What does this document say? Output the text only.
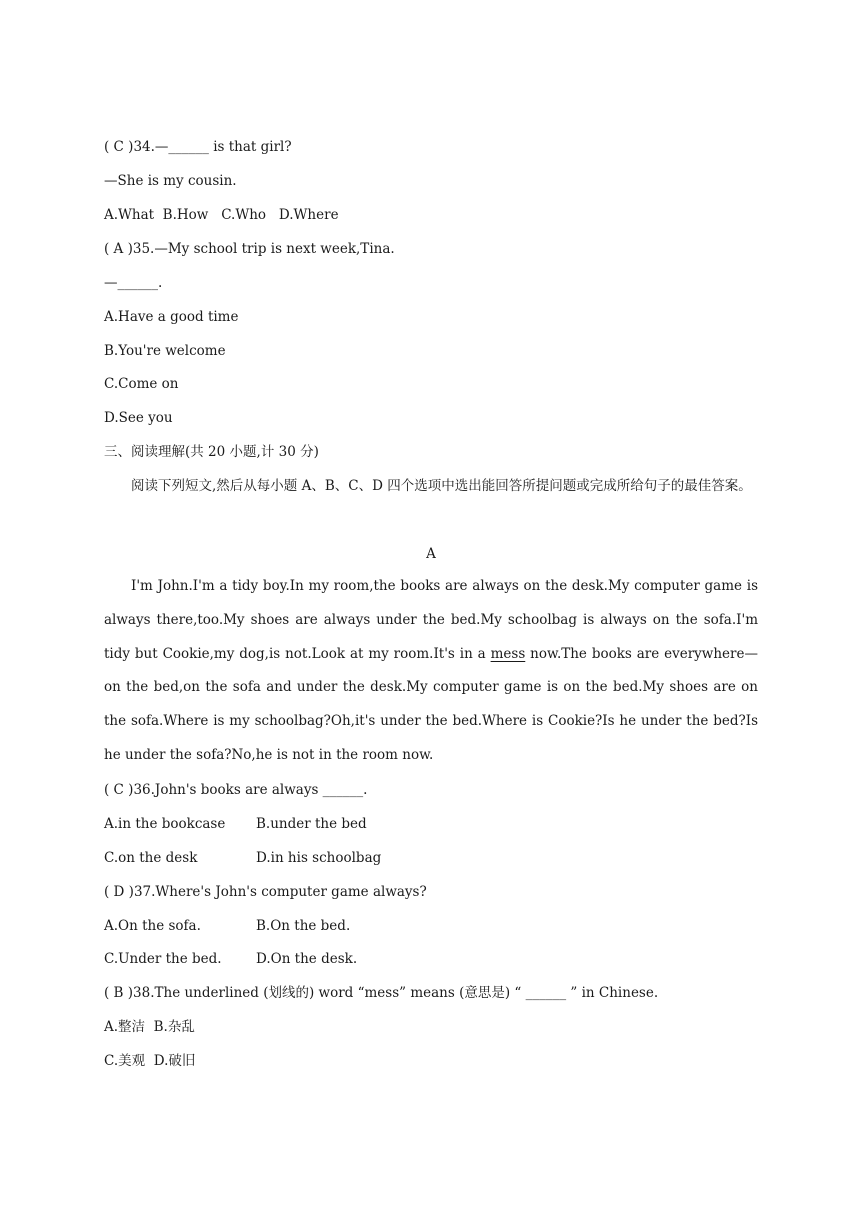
( C )34.—______ is that girl?
—She is my cousin.
A.What  B.How   C.Who   D.Where
( A )35.—My school trip is next week,Tina.
—______.
A.Have a good time
B.You're welcome
C.Come on
D.See you
三、阅读理解(共 20 小题,计 30 分)
阅读下列短文,然后从每小题 A、B、C、D 四个选项中选出能回答所提问题或完成所给句子的最佳答案。
A
I'm John.I'm a tidy boy.In my room,the books are always on the desk.My computer game is always there,too.My shoes are always under the bed.My schoolbag is always on the sofa.I'm tidy but Cookie,my dog,is not.Look at my room.It's in a mess now.The books are everywhere—on the bed,on the sofa and under the desk.My computer game is on the bed.My shoes are on the sofa.Where is my schoolbag?Oh,it's under the bed.Where is Cookie?Is he under the bed?Is he under the sofa?No,he is not in the room now.
( C )36.John's books are always ______.
A.in the bookcase B.under the bed
C.on the desk	D.in his schoolbag
( D )37.Where's John's computer game always?
A.On the sofa.	B.On the bed.
C.Under the bed.	D.On the desk.
( B )38.The underlined (划线的) word “mess” means (意思是) “ ______ ” in Chinese.
A.整洁  B.杂乱
C.美观  D.破旧
